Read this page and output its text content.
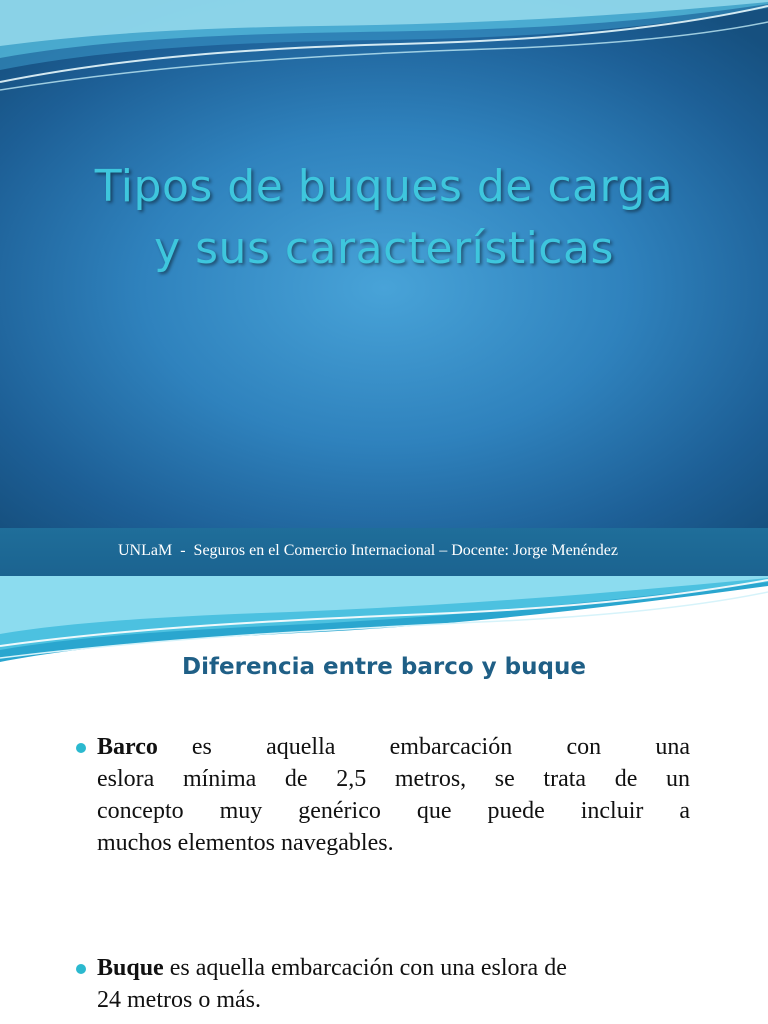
Tipos de buques de carga
y sus características
UNLaM  -  Seguros en el Comercio Internacional – Docente: Jorge Menéndez
Diferencia entre barco y buque
Barco es aquella embarcación con una
eslora mínima de 2,5 metros, se trata de un
concepto muy genérico que puede incluir a
muchos elementos navegables.
Buque es aquella embarcación con una eslora de
24 metros o más.
